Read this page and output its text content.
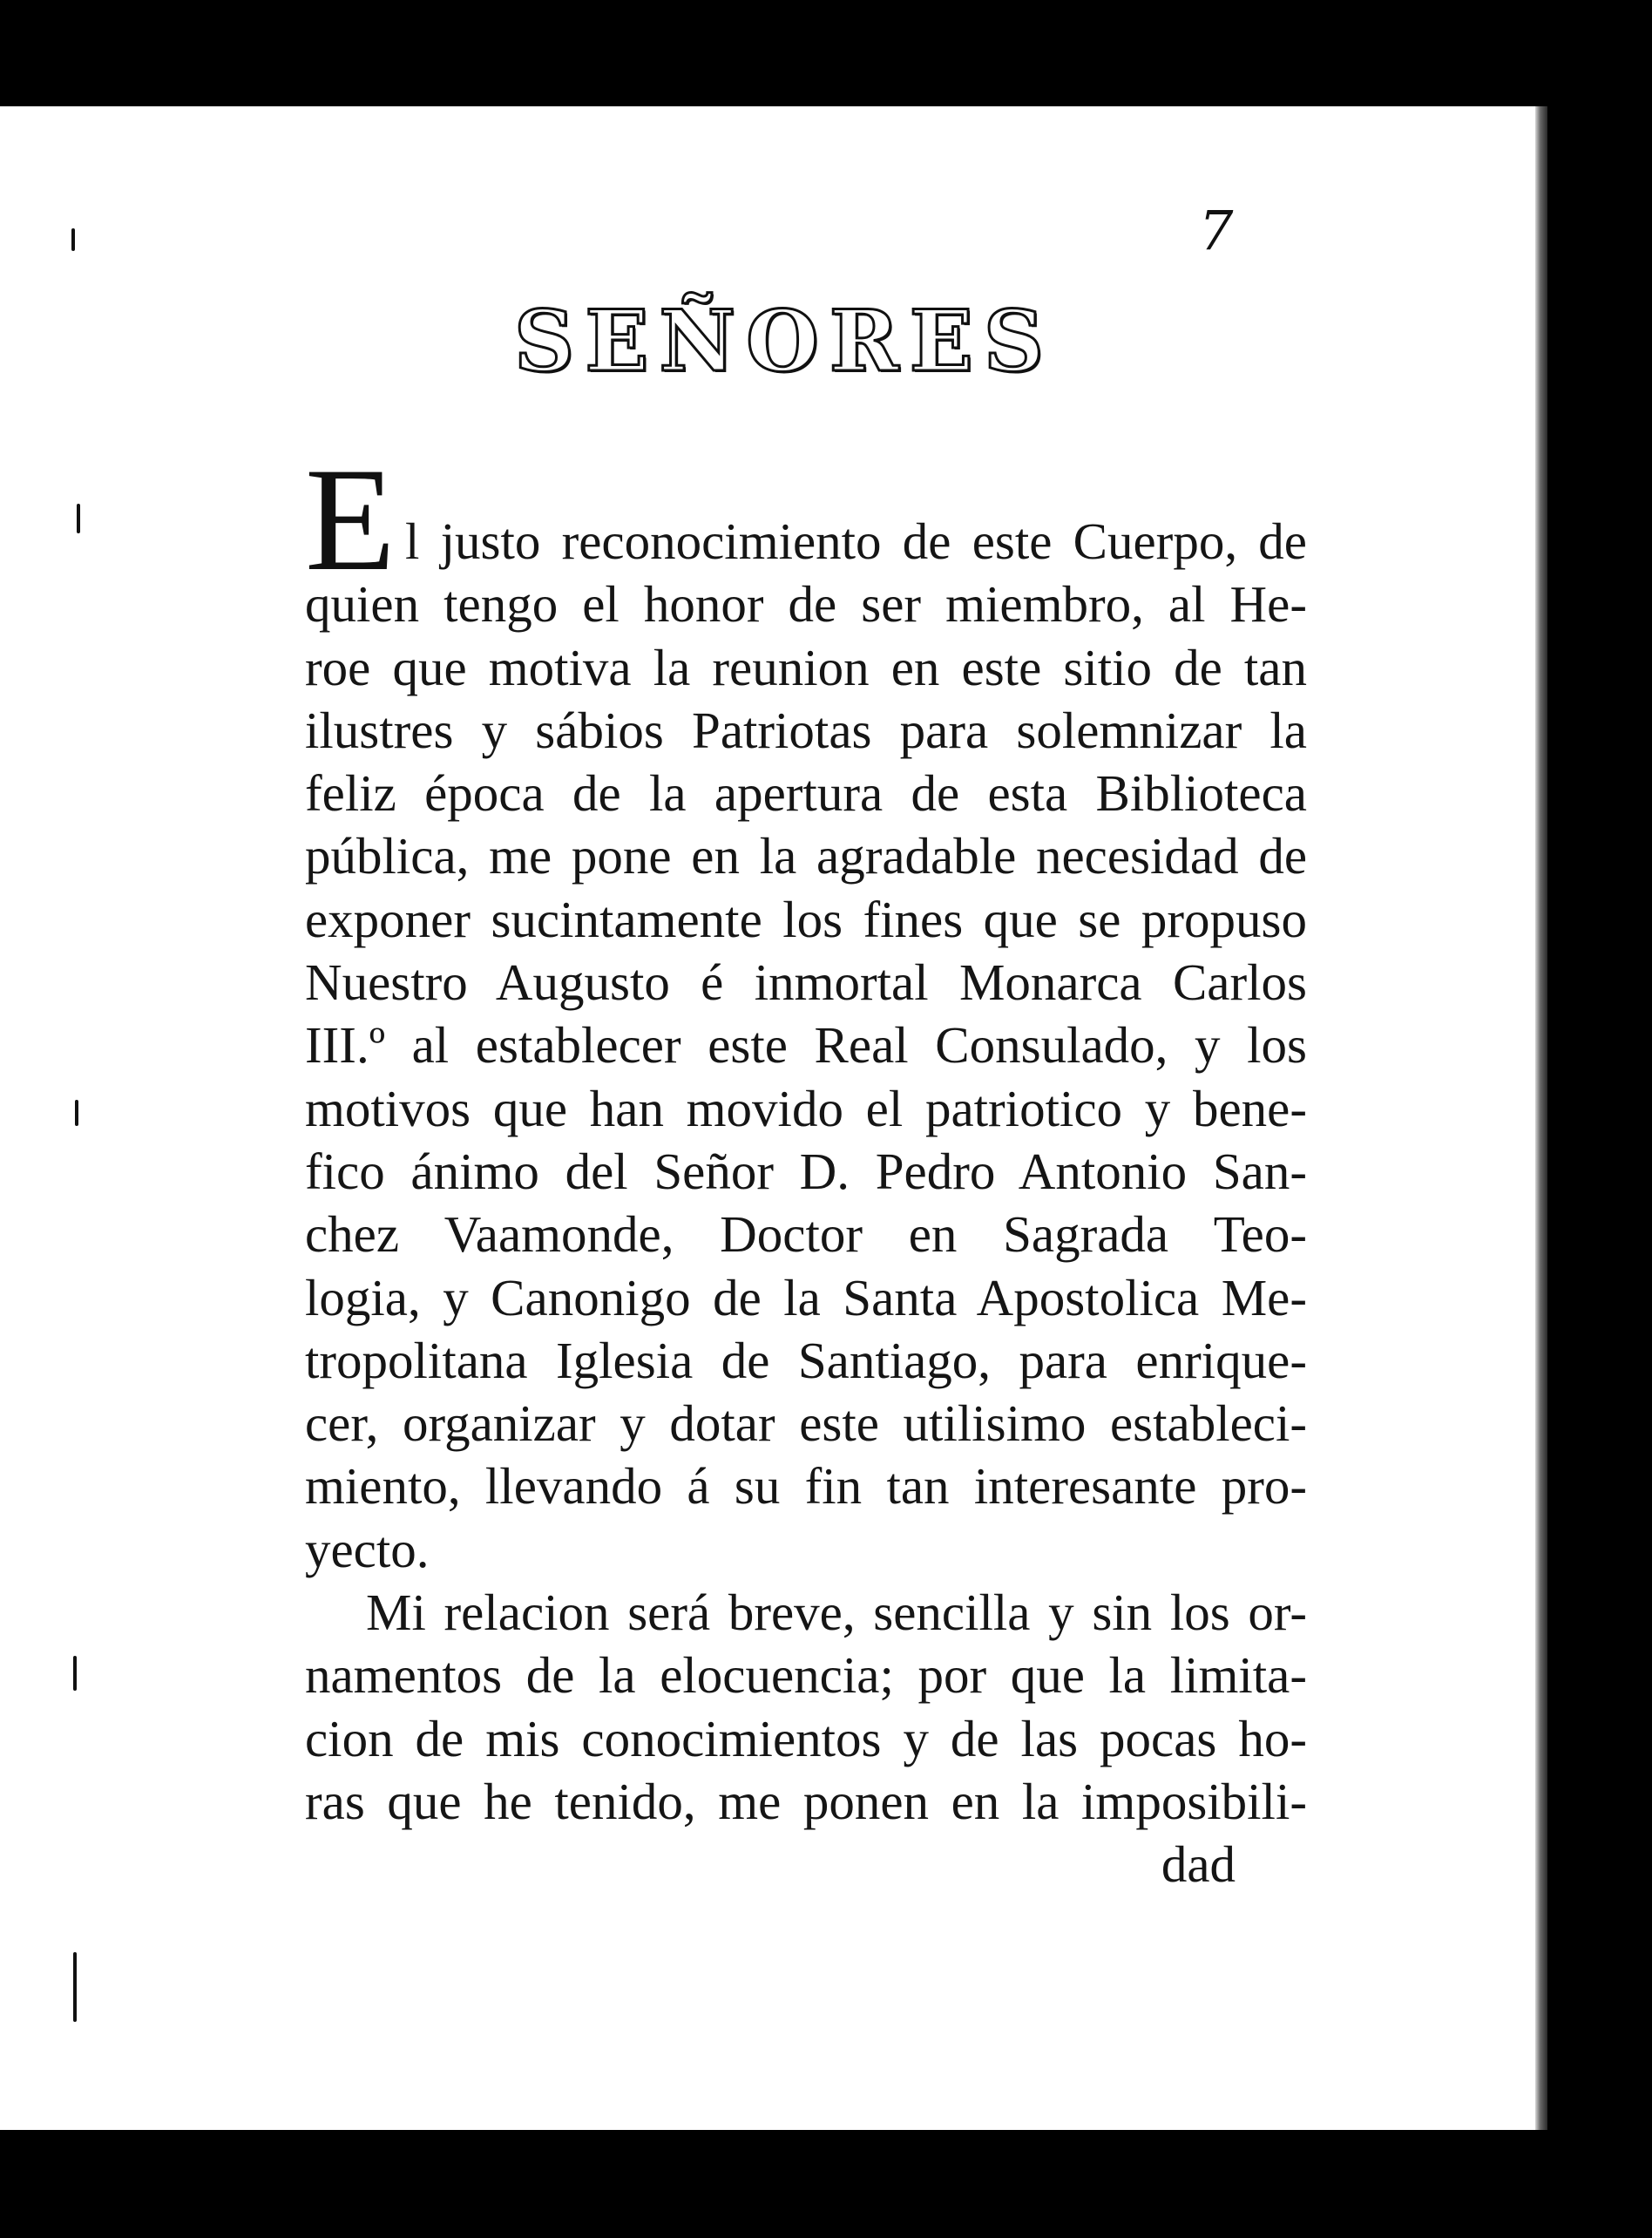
7
SEÑORES
E l justo reconocimiento de este Cuerpo, de
quien tengo el honor de ser miembro, al He-
roe que motiva la reunion en este sitio de tan
ilustres y sábios Patriotas para solemnizar la
feliz época de la apertura de esta Biblioteca
pública, me pone en la agradable necesidad de
exponer sucintamente los fines que se propuso
Nuestro Augusto é inmortal Monarca Carlos
III.º al establecer este Real Consulado, y los
motivos que han movido el patriotico y bene-
fico ánimo del Señor D. Pedro Antonio San-
chez Vaamonde, Doctor en Sagrada Teo-
logia, y Canonigo de la Santa Apostolica Me-
tropolitana Iglesia de Santiago, para enrique-
cer, organizar y dotar este utilisimo estableci-
miento, llevando á su fin tan interesante pro-
yecto.
Mi relacion será breve, sencilla y sin los or-
namentos de la elocuencia; por que la limita-
cion de mis conocimientos y de las pocas ho-
ras que he tenido, me ponen en la imposibili-
dad
